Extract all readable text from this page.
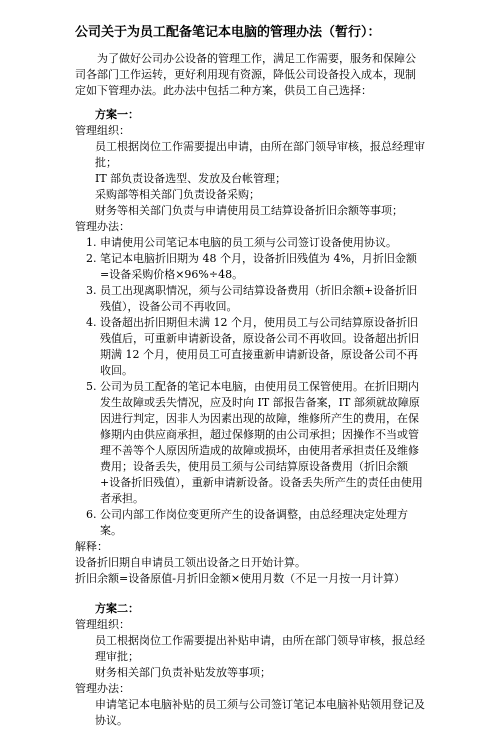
公司关于为员工配备笔记本电脑的管理办法（暂行）：

为了做好公司办公设备的管理工作，满足工作需要，服务和保障公司各部门工作运转，更好利用现有资源，降低公司设备投入成本，现制定如下管理办法。此办法中包括二种方案，供员工自己选择：

方案一：

管理组织：

员工根据岗位工作需要提出申请，由所在部门领导审核，报总经理审批；

IT 部负责设备选型、发放及台帐管理；

采购部等相关部门负责设备采购；

财务等相关部门负责与申请使用员工结算设备折旧余额等事项；

管理办法：

1. 申请使用公司笔记本电脑的员工须与公司签订设备使用协议。
2. 笔记本电脑折旧期为 48 个月，设备折旧残值为 4%，月折旧金额=设备采购价格×96%÷48。
3. 员工出现离职情况，须与公司结算设备费用（折旧余额+设备折旧残值），设备公司不再收回。
4. 设备超出折旧期但未满 12 个月，使用员工与公司结算原设备折旧残值后，可重新申请新设备，原设备公司不再收回。设备超出折旧期满 12 个月，使用员工可直接重新申请新设备，原设备公司不再收回。
5. 公司为员工配备的笔记本电脑，由使用员工保管使用。在折旧期内发生故障或丢失情况，应及时向 IT 部报告备案，IT 部须就故障原因进行判定，因非人为因素出现的故障，维修所产生的费用，在保修期内由供应商承担，超过保修期的由公司承担；因操作不当或管理不善等个人原因所造成的故障或损坏，由使用者承担责任及维修费用；设备丢失，使用员工须与公司结算原设备费用（折旧余额+设备折旧残值），重新申请新设备。设备丢失所产生的责任由使用者承担。
6. 公司内部工作岗位变更所产生的设备调整，由总经理决定处理方案。

解释：

设备折旧期自申请员工领出设备之日开始计算。

折旧余额=设备原值-月折旧金额×使用月数（不足一月按一月计算）

方案二：

管理组织：

员工根据岗位工作需要提出补贴申请，由所在部门领导审核，报总经理审批；

财务相关部门负责补贴发放等事项；

管理办法：

申请笔记本电脑补贴的员工须与公司签订笔记本电脑补贴领用登记及协议。
